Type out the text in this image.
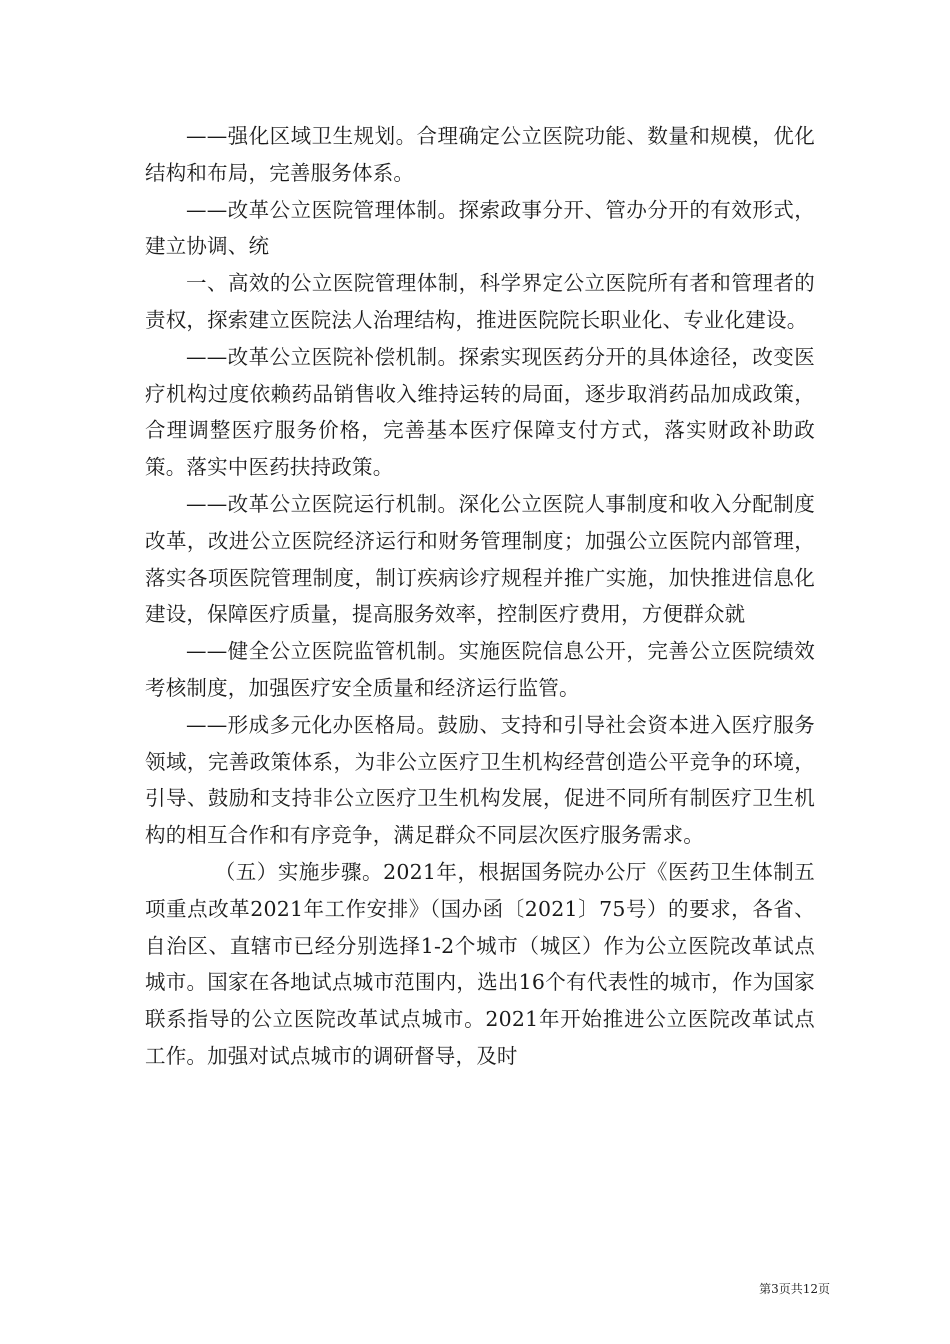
——强化区域卫生规划。合理确定公立医院功能、数量和规模，优化结构和布局，完善服务体系。

——改革公立医院管理体制。探索政事分开、管办分开的有效形式，建立协调、统

一、高效的公立医院管理体制，科学界定公立医院所有者和管理者的责权，探索建立医院法人治理结构，推进医院院长职业化、专业化建设。

——改革公立医院补偿机制。探索实现医药分开的具体途径，改变医疗机构过度依赖药品销售收入维持运转的局面，逐步取消药品加成政策，合理调整医疗服务价格，完善基本医疗保障支付方式，落实财政补助政策。落实中医药扶持政策。

——改革公立医院运行机制。深化公立医院人事制度和收入分配制度改革，改进公立医院经济运行和财务管理制度；加强公立医院内部管理，落实各项医院管理制度，制订疾病诊疗规程并推广实施，加快推进信息化建设，保障医疗质量，提高服务效率，控制医疗费用，方便群众就

——健全公立医院监管机制。实施医院信息公开，完善公立医院绩效考核制度，加强医疗安全质量和经济运行监管。

——形成多元化办医格局。鼓励、支持和引导社会资本进入医疗服务领域，完善政策体系，为非公立医疗卫生机构经营创造公平竞争的环境，引导、鼓励和支持非公立医疗卫生机构发展，促进不同所有制医疗卫生机构的相互合作和有序竞争，满足群众不同层次医疗服务需求。

（五）实施步骤。2021年，根据国务院办公厅《医药卫生体制五项重点改革2021年工作安排》（国办函〔2021〕75号）的要求，各省、自治区、直辖市已经分别选择1-2个城市（城区）作为公立医院改革试点城市。国家在各地试点城市范围内，选出16个有代表性的城市，作为国家联系指导的公立医院改革试点城市。2021年开始推进公立医院改革试点工作。加强对试点城市的调研督导，及时

第3页共12页
